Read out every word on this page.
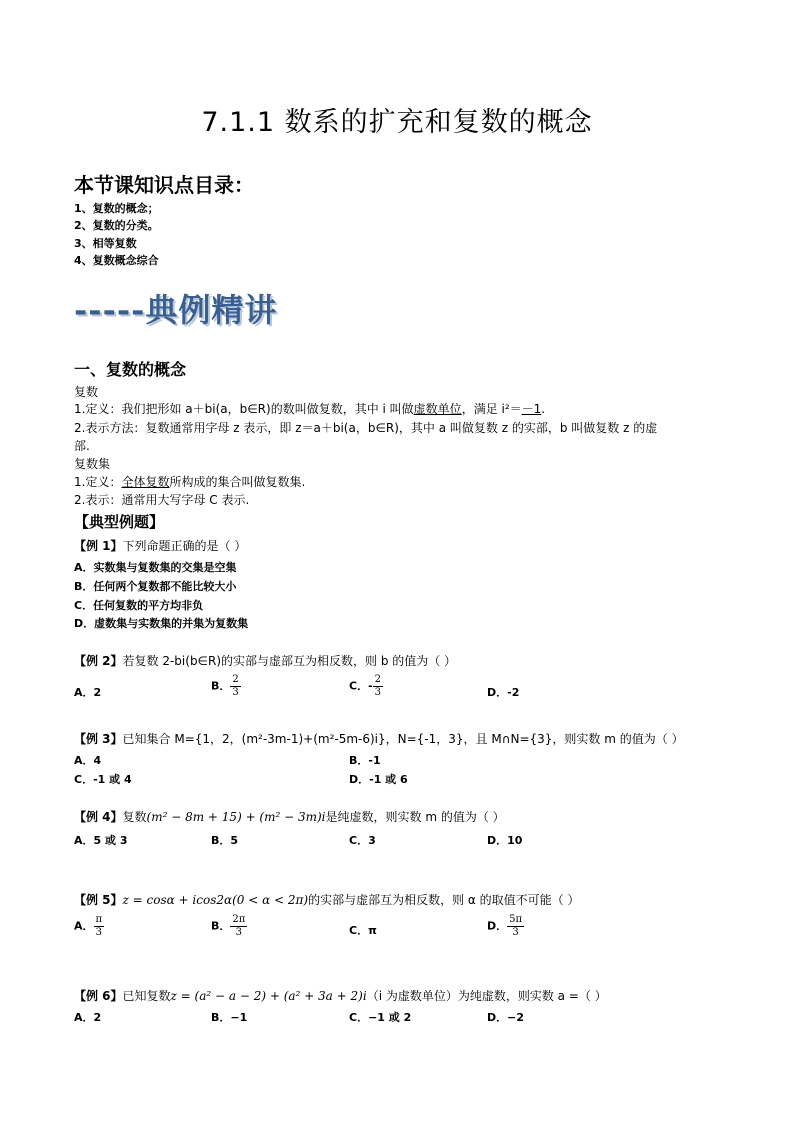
7.1.1 数系的扩充和复数的概念
本节课知识点目录：
1、复数的概念；
2、复数的分类。
3、相等复数
4、复数概念综合
-----典例精讲
一、复数的概念
复数
1.定义：我们把形如 a＋bi(a，b∈R)的数叫做复数，其中 i 叫做虚数单位，满足 i²＝－1.
2.表示方法：复数通常用字母 z 表示，即 z＝a＋bi(a，b∈R)，其中 a 叫做复数 z 的实部，b 叫做复数 z 的虚
部.
复数集
1.定义：全体复数所构成的集合叫做复数集.
2.表示：通常用大写字母 C 表示.
【典型例题】
【例 1】下列命题正确的是（ ）
A．实数集与复数集的交集是空集
B．任何两个复数都不能比较大小
C．任何复数的平方均非负
D．虚数集与实数集的并集为复数集
【例 2】若复数 2-bi(b∈R)的实部与虚部互为相反数，则 b 的值为（ ）
A．2	B． $\frac{2}{3}$	C．- $\frac{2}{3}$	D．-2
【例 3】已知集合 M={1，2，(m²-3m-1)+(m²-5m-6)i}，N={-1，3}，且 M∩N={3}，则实数 m 的值为（ ）
A．4	B．-1
C．-1 或 4	D．-1 或 6
【例 4】复数(m² − 8m + 15) + (m² − 3m)i是纯虚数，则实数 m 的值为（ ）
A．5 或 3	B．5	C．3	D．10
【例 5】z = cosα + icos2α(0 < α < 2π)的实部与虚部互为相反数，则 α 的取值不可能（ ）
A． $\frac{\pi}{3}$	B． $\frac{2\pi}{3}$	C．π	D． $\frac{5\pi}{3}$
【例 6】已知复数z = (a² − a − 2) + (a² + 3a + 2)i（i 为虚数单位）为纯虚数，则实数 a =（ ）
A．2	B．−1	C．−1 或 2	D．−2
